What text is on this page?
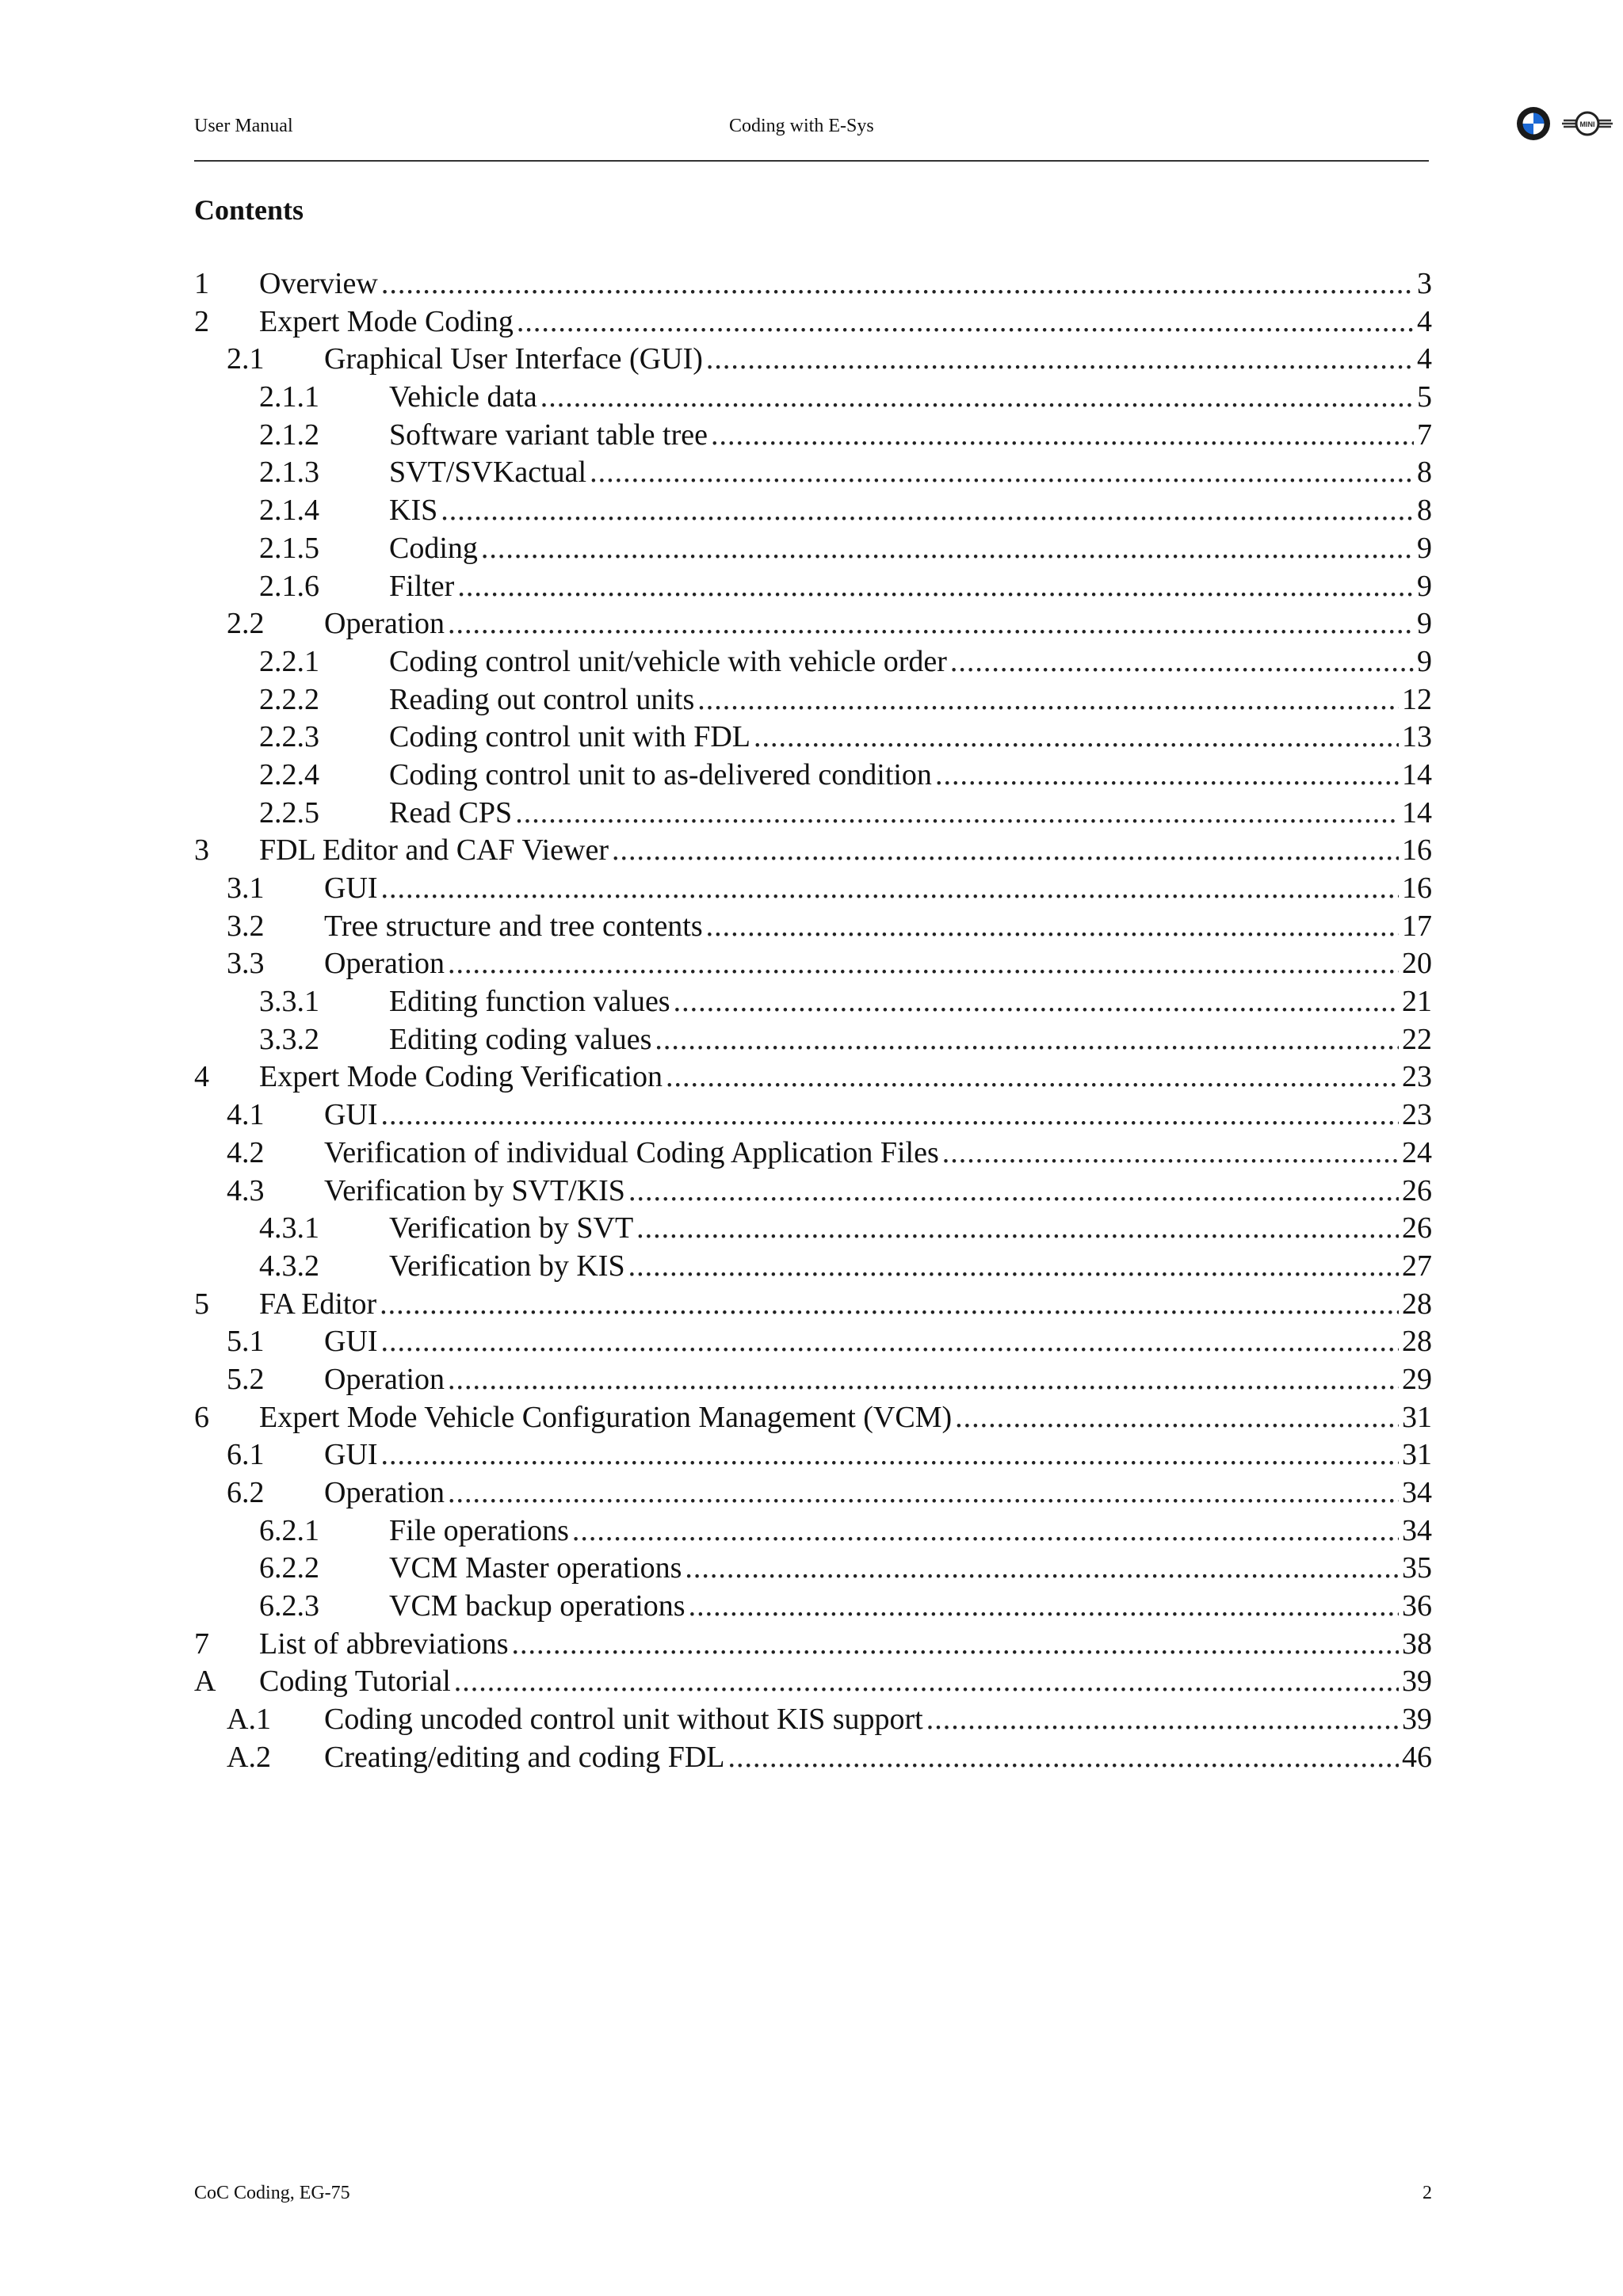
User Manual	Coding with E-Sys	MINI
Contents
1	Overview .....	3
2	Expert Mode Coding .....	4
2.1	Graphical User Interface (GUI) .....	4
2.1.1	Vehicle data .....	5
2.1.2	Software variant table tree .....	7
2.1.3	SVT/SVKactual .....	8
2.1.4	KIS .....	8
2.1.5	Coding .....	9
2.1.6	Filter .....	9
2.2	Operation .....	9
2.2.1	Coding control unit/vehicle with vehicle order .....	9
2.2.2	Reading out control units .....	12
2.2.3	Coding control unit with FDL .....	13
2.2.4	Coding control unit to as-delivered condition .....	14
2.2.5	Read CPS .....	14
3	FDL Editor and CAF Viewer .....	16
3.1	GUI .....	16
3.2	Tree structure and tree contents .....	17
3.3	Operation .....	20
3.3.1	Editing function values .....	21
3.3.2	Editing coding values .....	22
4	Expert Mode Coding Verification .....	23
4.1	GUI .....	23
4.2	Verification of individual Coding Application Files .....	24
4.3	Verification by SVT/KIS .....	26
4.3.1	Verification by SVT .....	26
4.3.2	Verification by KIS .....	27
5	FA Editor .....	28
5.1	GUI .....	28
5.2	Operation .....	29
6	Expert Mode Vehicle Configuration Management (VCM) .....	31
6.1	GUI .....	31
6.2	Operation .....	34
6.2.1	File operations .....	34
6.2.2	VCM Master operations .....	35
6.2.3	VCM backup operations .....	36
7	List of abbreviations .....	38
A	Coding Tutorial .....	39
A.1	Coding uncoded control unit without KIS support .....	39
A.2	Creating/editing and coding FDL .....	46
CoC Coding, EG-75	2
